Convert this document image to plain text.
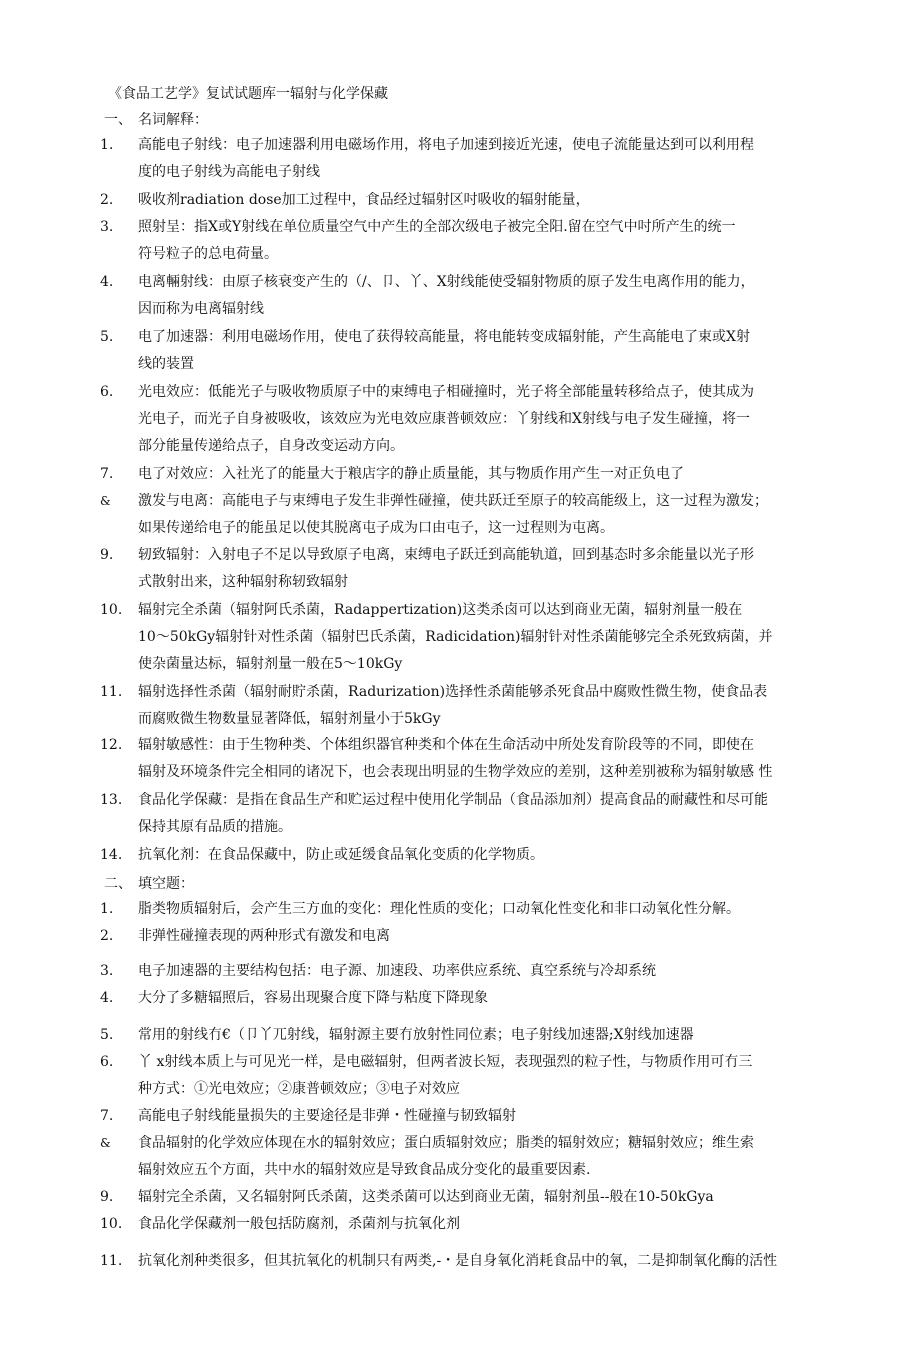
《食品工艺学》复试试题库一辐射与化学保藏
一、 名词解释：
1.	高能电子射线：电子加速器利用电磁场作用，将电子加速到接近光速，使电子流能量达到可以利用程
度的电子射线为高能电子射线
2.	吸收剂radiation dose加工过程中，食品经过辐射区吋吸收的辐射能量，
3.	照射呈：指X或Y射线在单位质量空气中产生的全部次级电子被完全阳.留在空气中吋所产生的统一
符号粒子的总电荷量。
4.	电离輛射线：由原子核衰变产生的（/、卩、丫、X射线能使受辐射物质的原子发生电离作用的能力，
因而称为电离辐射线
5.	电了加速器：利用电磁场作用，使电了获得较高能量，将电能转变成辐射能，产生高能电了束或X射
线的装置
6.	光电效应：低能光子与吸收物质原子中的束缚电子相碰撞时，光子将全部能量转移给点子，使其成为
光电子，而光子自身被吸收，该效应为光电效应康普顿效应：丫射线和X射线与电子发生碰撞，将一
部分能量传递给点子，自身改变运动方向。
7.	电了对效应：入社光了的能量大于粮店字的静止质量能，其与物质作用产生一对正负电了
&	激发与电离：高能电子与束缚电子发生非弹性碰撞，使共跃迁至原子的较高能级上，这一过程为激发；
如果传递给电子的能虽足以使其脱离屯子成为口由屯子，这一过程则为屯离。
9.	轫致辐射：入射电子不足以导致原子电离，束缚电子跃迁到高能轨道，回到基态时多余能量以光子形
式散射出来，这种辐射称轫致辐射
10.	辐射完全杀菌（辐射阿氏杀菌，Radappertization)这类杀卤可以达到商业无菌，辐射剂量一般在
10～50kGy辐射针对性杀菌（辐射巴氏杀菌，Radicidation)辐射针对性杀菌能够完全杀死致病菌，并
使杂菌量达标，辐射剂量一般在5～10kGy
11.	辐射选择性杀菌（辐射耐貯杀菌，Radurization)选择性杀菌能够杀死食品中腐败性微生物，使食品表
而腐败微生物数量显著降低，辐射剂量小于5kGy
12.	辐射敏感性：由于生物种类、个体组织器官种类和个体在生命活动中所处发育阶段等的不同，即使在
辐射及环境条件完全相同的诸况下，也会表现出明显的生物学效应的差别，这种差别被称为辐射敏感 性
13.	食品化学保藏：是指在食品生产和贮运过程中使用化学制品（食品添加剂）提高食品的耐藏性和尽可能
保持其原有品质的措施。
14.	抗氧化剂：在食品保藏中，防止或延缓食品氧化变质的化学物质。
二、 填空题：
1.	脂类物质辐射后，会产生三方血的变化：理化性质的变化；口动氧化性变化和非口动氧化性分解。
2.	非弹性碰撞表现的两种形式有激发和电离
3.	电子加速器的主要结构包括：电子源、加速段、功率供应系统、真空系统与冷却系统
4.	大分了多糖辐照后，容易出现聚合度下降与粘度下降现象
5.	常用的射线冇€（卩丫兀射线，辐射源主要冇放射性同位素；电子射线加速器;X射线加速器
6.	丫 x射线本质上与可见光一样，是电磁辐射，但两者波长短，表现强烈的粒子性，与物质作用可冇三
种方式：①光电效应；②康普顿效应；③电子对效应
7.	高能电子射线能量损失的主要途径是非弹・性碰撞与韧致辐射
&	食品辐射的化学效应体现在水的辐射效应；蛋白质辐射效应；脂类的辐射效应；糖辐射效应；维生索
辐射效应五个方面，共中水的辐射效应是导致食品成分变化的最重要因素.
9.	辐射完全杀菌，又名辐射阿氏杀菌，这类杀菌可以达到商业无菌，辐射剂虽--般在10-50kGya
10.	食品化学保藏剂一般包括防腐剂，杀菌剂与抗氧化剂
11.	抗氧化剂种类很多，但其抗氧化的机制只有两类,-・是自身氧化消耗食品中的氧，二是抑制氧化酶的活性
